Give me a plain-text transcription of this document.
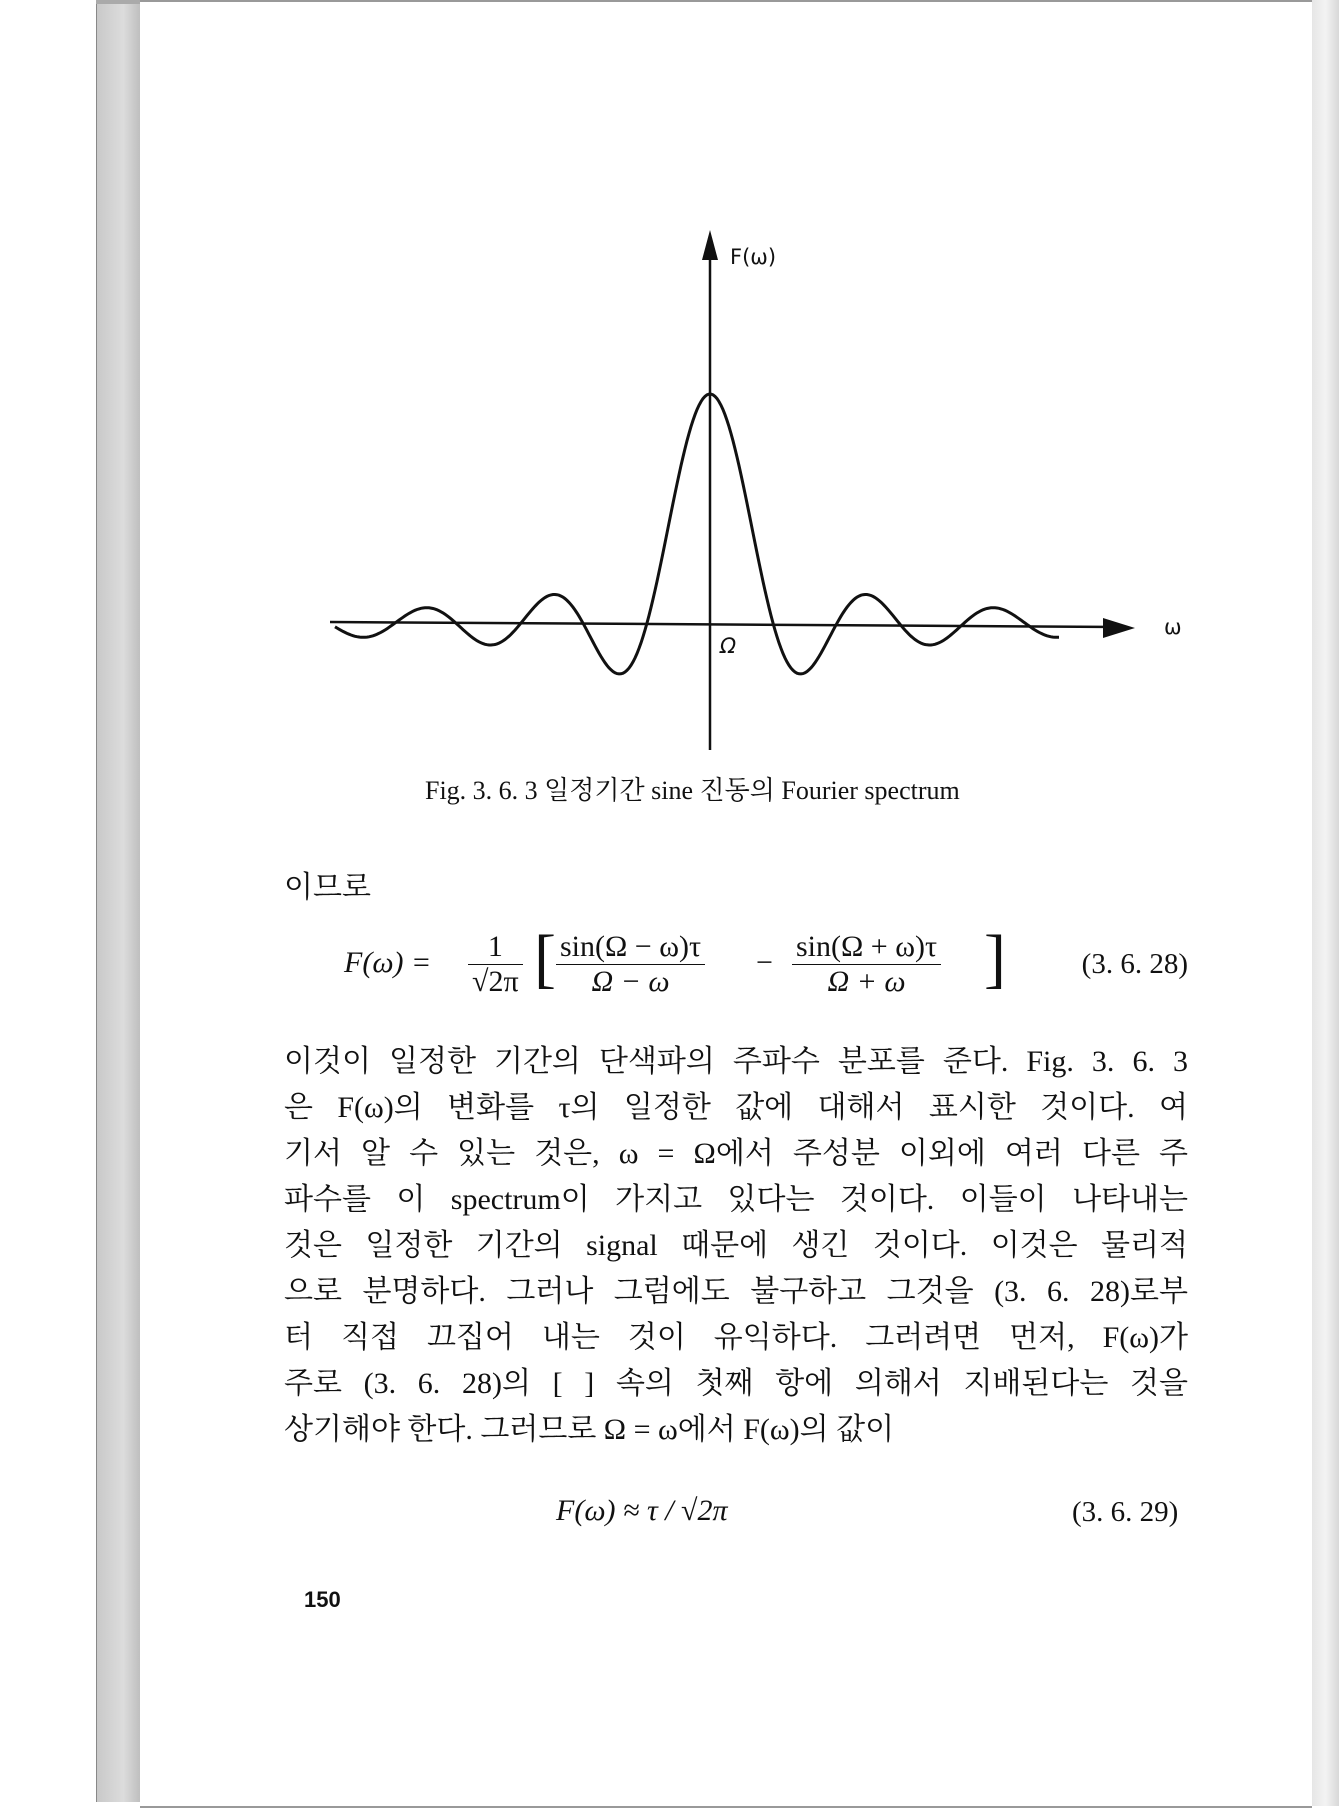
F(ω)
ω
Ω
Fig. 3. 6. 3 일정기간 sine 진동의 Fourier spectrum
이므로
$F(\omega) = \frac{1}{√2\pi}$ [ $\frac{\sin(\Omega - \omega)\tau}{\Omega - \omega} - \frac{\sin(\Omega + \omega)\tau}{\Omega + \omega}$ ]	(3. 6. 28)
이것이 일정한 기간의 단색파의 주파수 분포를 준다. Fig. 3. 6. 3
은 F(ω)의 변화를 τ의 일정한 값에 대해서 표시한 것이다. 여
기서 알 수 있는 것은, ω = Ω에서 주성분 이외에 여러 다른 주
파수를 이 spectrum이 가지고 있다는 것이다. 이들이 나타내는
것은 일정한 기간의 signal 때문에 생긴 것이다. 이것은 물리적
으로 분명하다. 그러나 그럼에도 불구하고 그것을 (3. 6. 28)로부
터 직접 끄집어 내는 것이 유익하다. 그러려면 먼저, F(ω)가
주로 (3. 6. 28)의 [ ] 속의 첫째 항에 의해서 지배된다는 것을
상기해야 한다. 그러므로 Ω = ω에서 F(ω)의 값이
F(ω) ≈ τ / √2π	(3. 6. 29)
150
